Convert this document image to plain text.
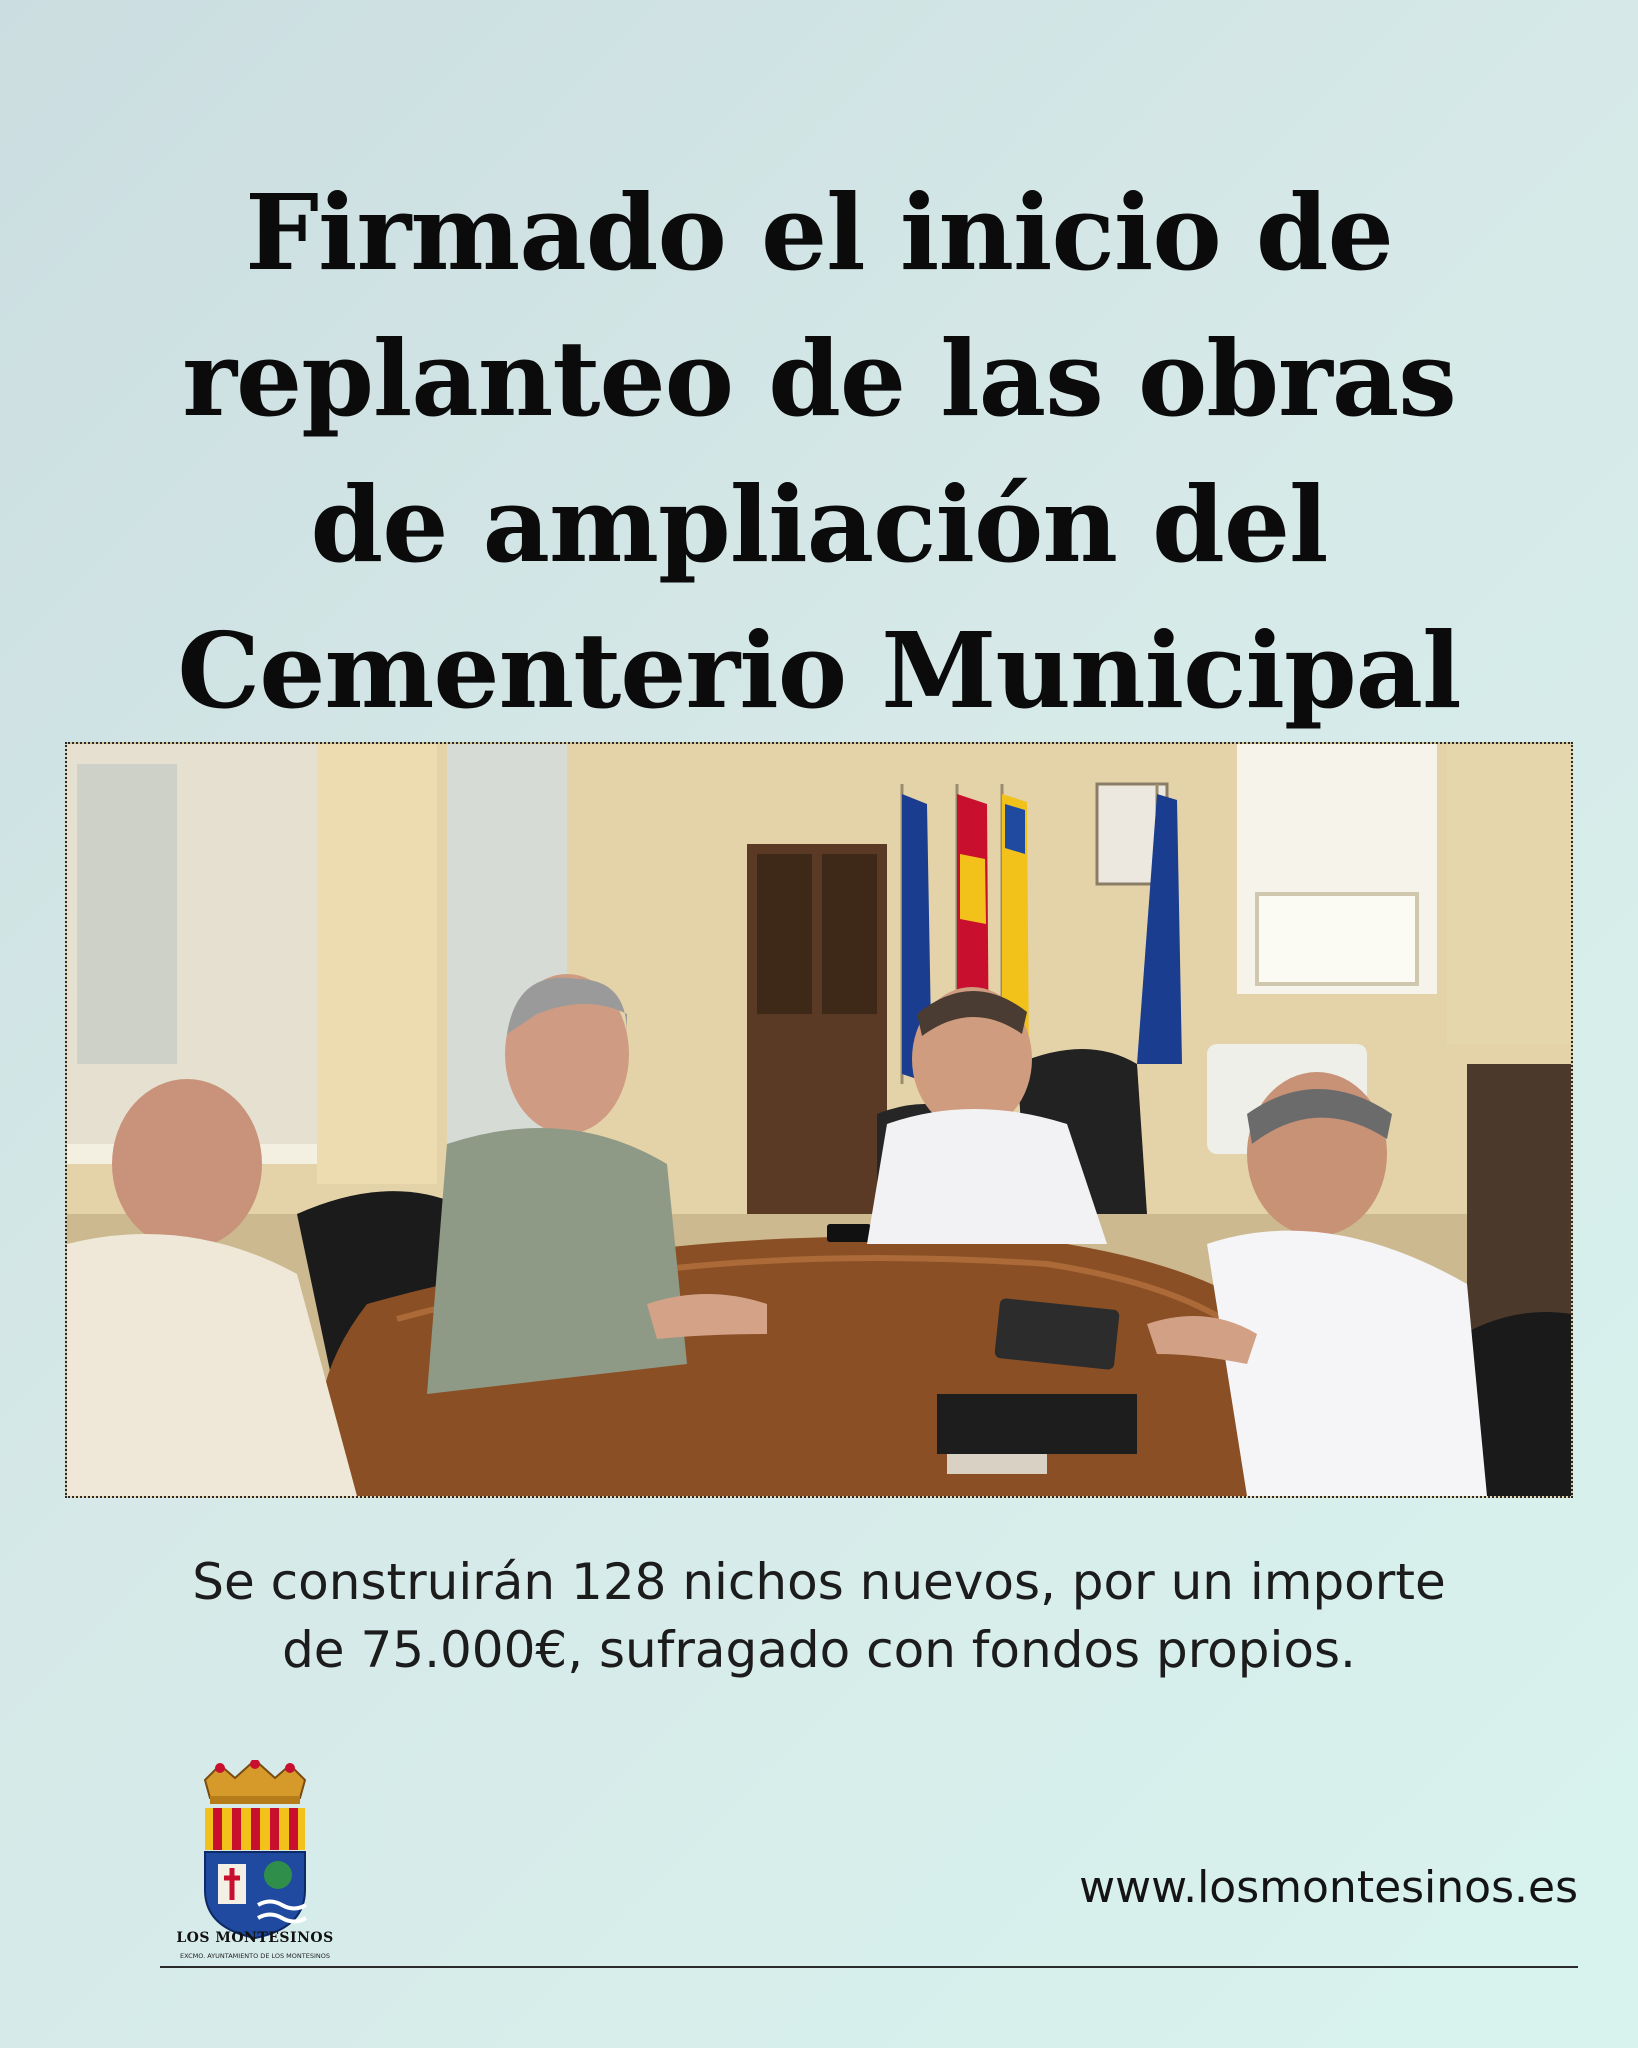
Firmado el inicio de
replanteo de las obras
de ampliación del
Cementerio Municipal

Se construirán 128 nichos nuevos, por un importe
de 75.000€, sufragado con fondos propios.

LOS MONTESINOS
EXCMO. AYUNTAMIENTO DE LOS MONTESINOS
www.losmontesinos.es
